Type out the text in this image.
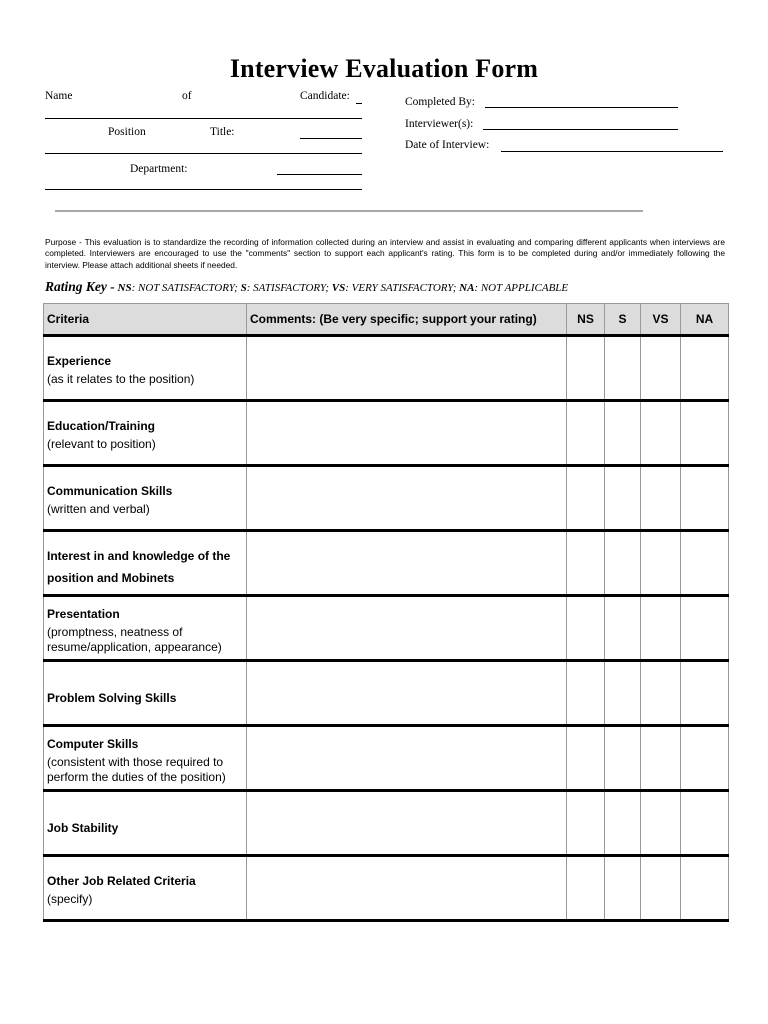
Interview Evaluation Form
Name	of	Candidate:
Position	Title:
Department:
Completed By:
Interviewer(s):
Date of Interview:
Purpose - This evaluation is to standardize the recording of information collected during an interview and assist in evaluating and comparing different applicants when interviews are completed. Interviewers are encouraged to use the "comments" section to support each applicant's rating. This form is to be completed during and/or immediately following the interview. Please attach additional sheets if needed.
Rating Key - NS: NOT SATISFACTORY; S: SATISFACTORY; VS: VERY SATISFACTORY; NA: NOT APPLICABLE
Criteria	Comments: (Be very specific; support your rating)	NS	S	VS	NA

Experience
(as it relates to the position)					

Education/Training
(relevant to position)					

Communication Skills
(written and verbal)					

Interest in and knowledge of the position and Mobinets					

Presentation
(promptness, neatness of resume/application, appearance)					

Problem Solving Skills					

Computer Skills
(consistent with those required to perform the duties of the position)					

Job Stability					

Other Job Related Criteria
(specify)					
